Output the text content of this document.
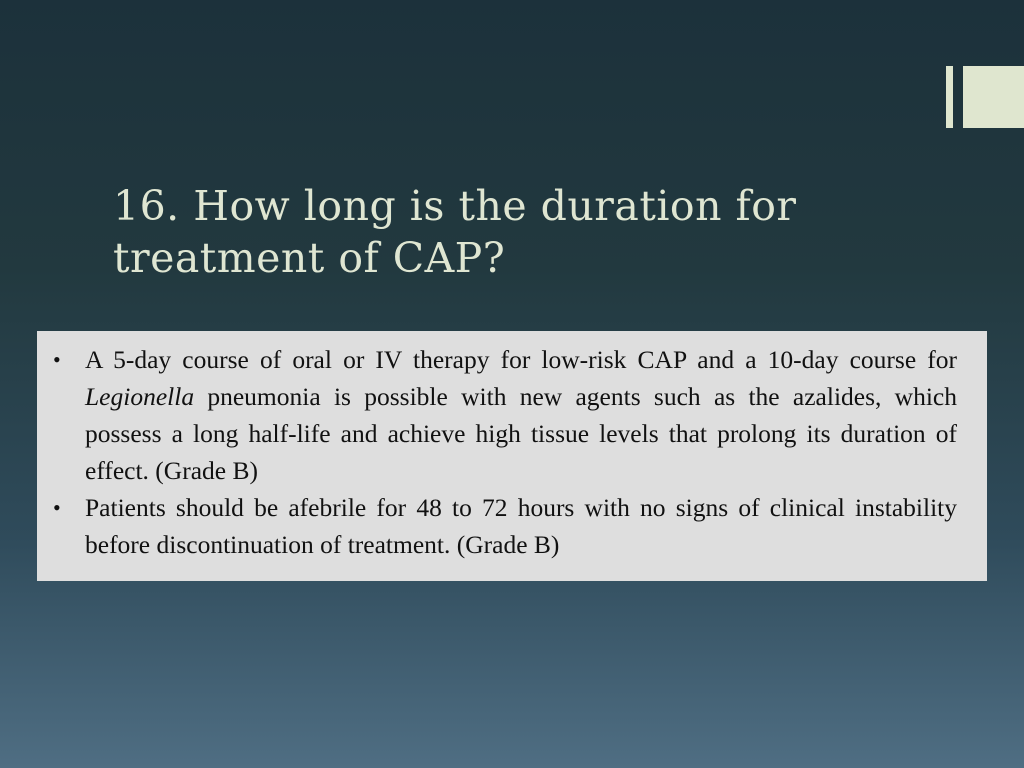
16. How long is the duration for treatment of CAP?
• A 5-day course of oral or IV therapy for low-risk CAP and a 10-day course for Legionella pneumonia is possible with new agents such as the azalides, which possess a long half-life and achieve high tissue levels that prolong its duration of effect. (Grade B)
• Patients should be afebrile for 48 to 72 hours with no signs of clinical instability before discontinuation of treatment. (Grade B)
